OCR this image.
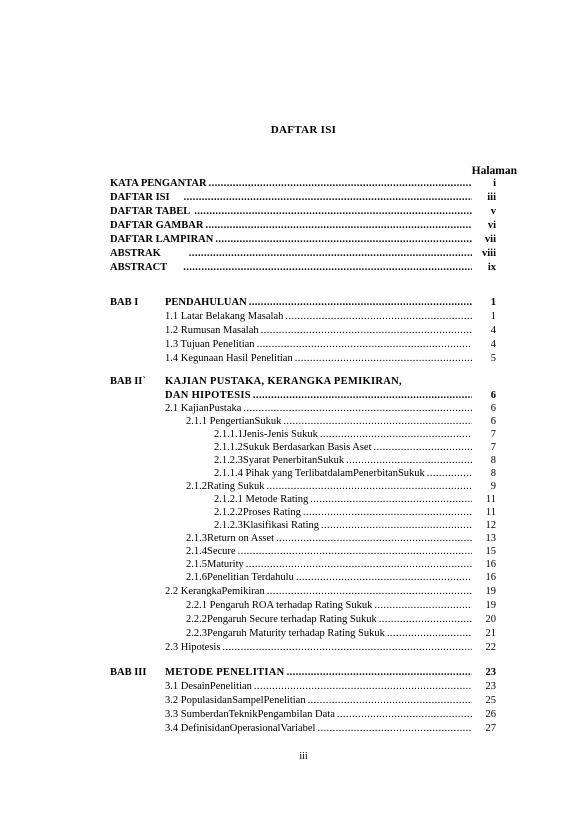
DAFTAR ISI
Halaman
KATA PENGANTAR .....	i
DAFTAR ISI .....	iii
DAFTAR TABEL .....	v
DAFTAR GAMBAR .....	vi
DAFTAR LAMPIRAN .....	vii
ABSTRAK .....	viii
ABSTRACT .....	ix
BAB I	PENDAHULUAN .....	1
1.1 Latar Belakang Masalah .....	1
1.2 Rumusan Masalah .....	4
1.3 Tujuan Penelitian .....	4
1.4 Kegunaan Hasil Penelitian .....	5
BAB II` KAJIAN PUSTAKA, KERANGKA PEMIKIRAN,
DAN HIPOTESIS .....	6
2.1 KajianPustaka .....	6
2.1.1 PengertianSukuk .....	6
2.1.1.1Jenis-Jenis Sukuk .....	7
2.1.1.2Sukuk Berdasarkan Basis Aset .....	7
2.1.2.3Syarat PenerbitanSukuk .....	8
2.1.1.4 Pihak yang TerlibatdalamPenerbitanSukuk .....	8
2.1.2Rating Sukuk .....	9
2.1.2.1 Metode Rating .....	11
2.1.2.2Proses Rating .....	11
2.1.2.3Klasifikasi Rating .....	12
2.1.3Return on Asset .....	13
2.1.4Secure .....	15
2.1.5Maturity .....	16
2.1.6Penelitian Terdahulu .....	16
2.2 KerangkaPemikiran .....	19
2.2.1 Pengaruh ROA terhadap Rating Sukuk .....	19
2.2.2Pengaruh Secure terhadap Rating Sukuk .....	20
2.2.3Pengaruh Maturity terhadap Rating Sukuk .....	21
2.3 Hipotesis .....	22
BAB III METODE PENELITIAN .....	23
3.1 DesainPenelitian .....	23
3.2 PopulasidanSampelPenelitian .....	25
3.3 SumberdanTeknikPengambilan Data .....	26
3.4 DefinisidanOperasionalVariabel .....	27
iii
